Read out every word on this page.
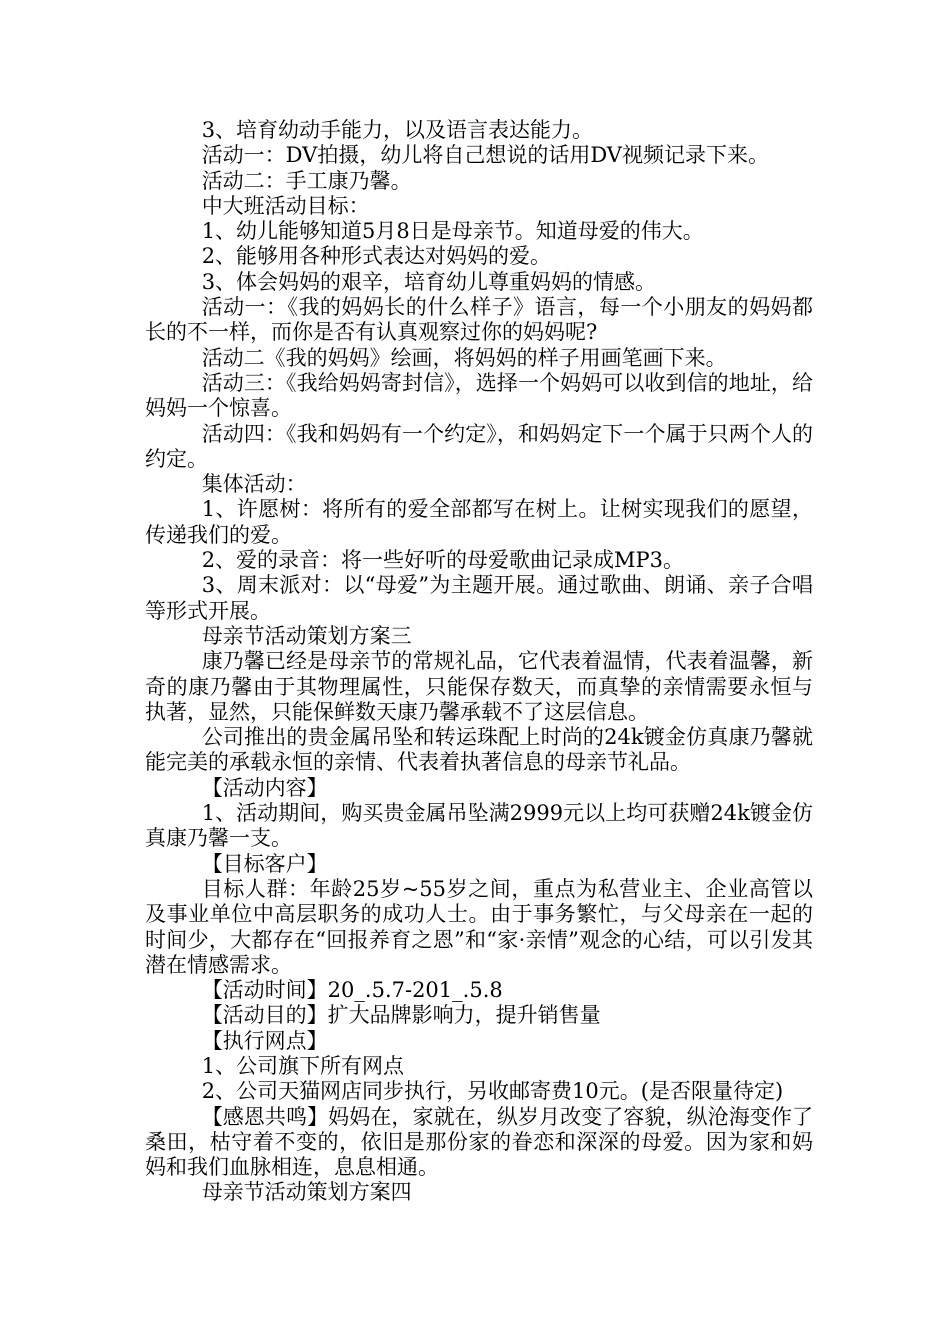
3、培育幼动手能力，以及语言表达能力。

活动一：DV拍摄，幼儿将自己想说的话用DV视频记录下来。

活动二：手工康乃馨。

中大班活动目标：

1、幼儿能够知道5月8日是母亲节。知道母爱的伟大。

2、能够用各种形式表达对妈妈的爱。

3、体会妈妈的艰辛，培育幼儿尊重妈妈的情感。

活动一：《我的妈妈长的什么样子》语言，每一个小朋友的妈妈都长的不一样，而你是否有认真观察过你的妈妈呢?

活动二《我的妈妈》绘画，将妈妈的样子用画笔画下来。

活动三：《我给妈妈寄封信》，选择一个妈妈可以收到信的地址，给妈妈一个惊喜。

活动四：《我和妈妈有一个约定》，和妈妈定下一个属于只两个人的约定。

集体活动：

1、许愿树：将所有的爱全部都写在树上。让树实现我们的愿望，传递我们的爱。

2、爱的录音：将一些好听的母爱歌曲记录成MP3。

3、周末派对：以“母爱”为主题开展。通过歌曲、朗诵、亲子合唱等形式开展。

母亲节活动策划方案三

康乃馨已经是母亲节的常规礼品，它代表着温情，代表着温馨，新奇的康乃馨由于其物理属性，只能保存数天，而真挚的亲情需要永恒与执著，显然，只能保鲜数天康乃馨承载不了这层信息。

公司推出的贵金属吊坠和转运珠配上时尚的24k镀金仿真康乃馨就能完美的承载永恒的亲情、代表着执著信息的母亲节礼品。

【活动内容】

1、活动期间，购买贵金属吊坠满2999元以上均可获赠24k镀金仿真康乃馨一支。

【目标客户】

目标人群：年龄25岁~55岁之间，重点为私营业主、企业高管以及事业单位中高层职务的成功人士。由于事务繁忙，与父母亲在一起的时间少，大都存在“回报养育之恩”和“家·亲情”观念的心结，可以引发其潜在情感需求。

【活动时间】20_.5.7-201_.5.8

【活动目的】扩大品牌影响力，提升销售量

【执行网点】

1、公司旗下所有网点

2、公司天猫网店同步执行，另收邮寄费10元。(是否限量待定)

【感恩共鸣】妈妈在，家就在，纵岁月改变了容貌，纵沧海变作了桑田，枯守着不变的，依旧是那份家的眷恋和深深的母爱。因为家和妈妈和我们血脉相连，息息相通。

母亲节活动策划方案四
